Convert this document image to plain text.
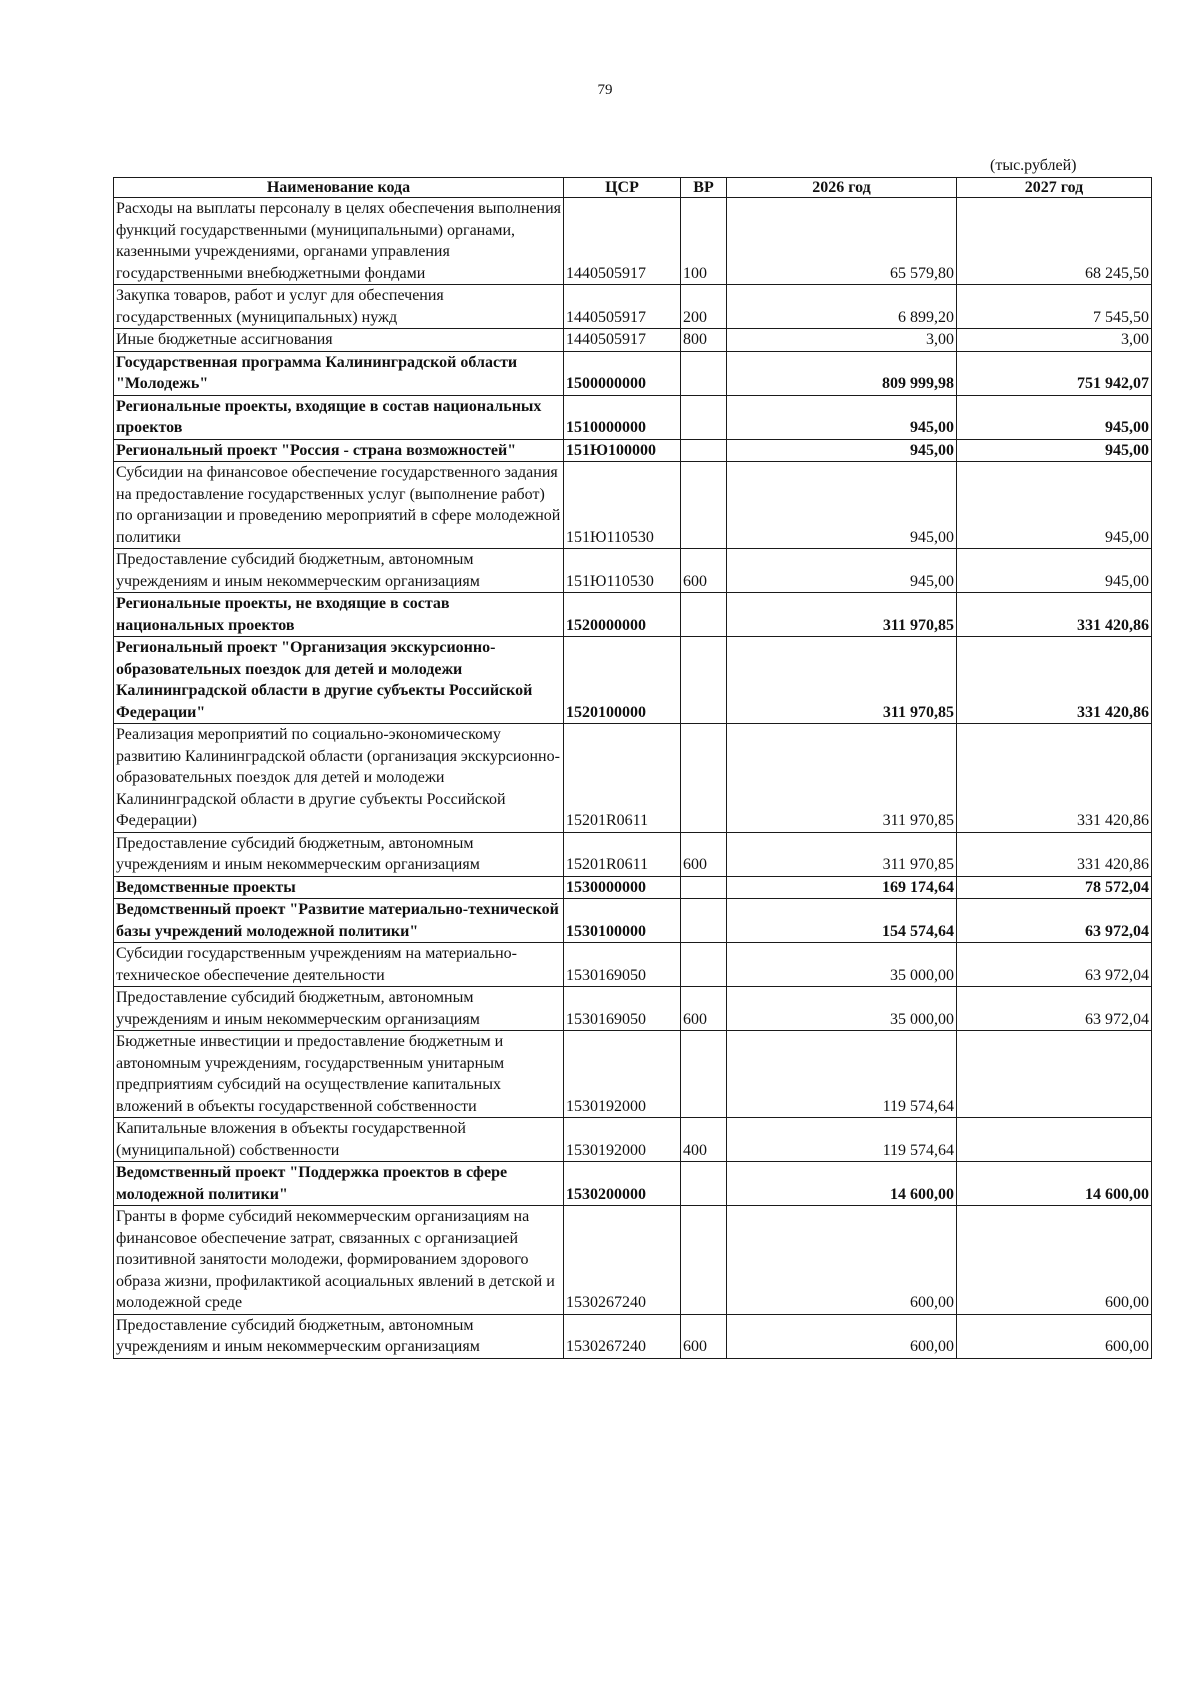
79
(тыс.рублей)
Наименование кода	ЦСР	ВР	2026 год	2027 год
Расходы на выплаты персоналу в целях обеспечения выполнения функций государственными (муниципальными) органами, казенными учреждениями, органами управления государственными внебюджетными фондами	1440505917	100	65 579,80	68 245,50
Закупка товаров, работ и услуг для обеспечения государственных (муниципальных) нужд	1440505917	200	6 899,20	7 545,50
Иные бюджетные ассигнования	1440505917	800	3,00	3,00
Государственная программа Калининградской области "Молодежь"	1500000000		809 999,98	751 942,07
Региональные проекты, входящие в состав национальных проектов	1510000000		945,00	945,00
Региональный проект "Россия - страна возможностей"	151Ю100000		945,00	945,00
Субсидии на финансовое обеспечение государственного задания на предоставление государственных услуг (выполнение работ) по организации и проведению мероприятий в сфере молодежной политики	151Ю110530		945,00	945,00
Предоставление субсидий бюджетным, автономным учреждениям и иным некоммерческим организациям	151Ю110530	600	945,00	945,00
Региональные проекты, не входящие в состав национальных проектов	1520000000		311 970,85	331 420,86
Региональный проект "Организация экскурсионно-образовательных поездок для детей и молодежи Калининградской области в другие субъекты Российской Федерации"	1520100000		311 970,85	331 420,86
Реализация мероприятий по социально-экономическому развитию Калининградской области (организация экскурсионно-образовательных поездок для детей и молодежи Калининградской области в другие субъекты Российской Федерации)	15201R0611		311 970,85	331 420,86
Предоставление субсидий бюджетным, автономным учреждениям и иным некоммерческим организациям	15201R0611	600	311 970,85	331 420,86
Ведомственные проекты	1530000000		169 174,64	78 572,04
Ведомственный проект "Развитие материально-технической базы учреждений молодежной политики"	1530100000		154 574,64	63 972,04
Субсидии государственным учреждениям на материально-техническое обеспечение деятельности	1530169050		35 000,00	63 972,04
Предоставление субсидий бюджетным, автономным учреждениям и иным некоммерческим организациям	1530169050	600	35 000,00	63 972,04
Бюджетные инвестиции и предоставление бюджетным и автономным учреждениям, государственным унитарным предприятиям субсидий на осуществление капитальных вложений в объекты государственной собственности	1530192000		119 574,64	
Капитальные вложения в объекты государственной (муниципальной) собственности	1530192000	400	119 574,64	
Ведомственный проект "Поддержка проектов в сфере молодежной политики"	1530200000		14 600,00	14 600,00
Гранты в форме субсидий некоммерческим организациям на финансовое обеспечение затрат, связанных с организацией позитивной занятости молодежи, формированием здорового образа жизни, профилактикой асоциальных явлений в детской и молодежной среде	1530267240		600,00	600,00
Предоставление субсидий бюджетным, автономным учреждениям и иным некоммерческим организациям	1530267240	600	600,00	600,00
